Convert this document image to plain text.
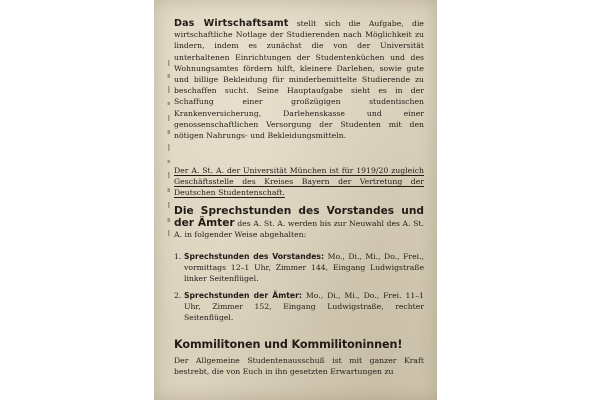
Das Wirtschaftsamt stellt sich die Aufgabe, die wirtschaftliche Notlage der Studierenden nach Möglichkeit zu lindern, indem es zunächst die von der Universität unterhaltenen Einrichtungen der Studentenküchen und des Wohnungsamtes fördern hilft, kleinere Darlehen, sowie gute und billige Bekleidung für minderbemittelte Studierende zu beschaffen sucht. Seine Hauptaufgabe sieht es in der Schaffung einer großzügigen studentischen Krankenversicherung, Darlehenskasse und einer genossenschaftlichen Versorgung der Studenten mit den nötigen Nahrungs- und Bekleidungsmitteln.
Der A. St. A. der Universität München ist für 1919/20 zugleich Geschäftsstelle des Kreises Bayern der Vertretung der Deutschen Studentenschaft.
Die Sprechstunden des Vorstandes und der Ämter des A. St. A. werden bis zur Neuwahl des A. St. A. in folgender Weise abgehalten:
1. Sprechstunden des Vorstandes: Mo., Di., Mi., Do., Frei., vormittags 12–1 Uhr, Zimmer 144, Eingang Ludwigstraße linker Seitenflügel.
2. Sprechstunden der Ämter: Mo., Di., Mi., Do., Frei. 11–1 Uhr, Zimmer 152, Eingang Ludwigstraße, rechter Seitenflügel.
Kommilitonen und Kommilitoninnen!
Der Allgemeine Studentenausschuß ist mit ganzer Kraft bestrebt, die von Euch in ihn gesetzten Erwartungen zu
